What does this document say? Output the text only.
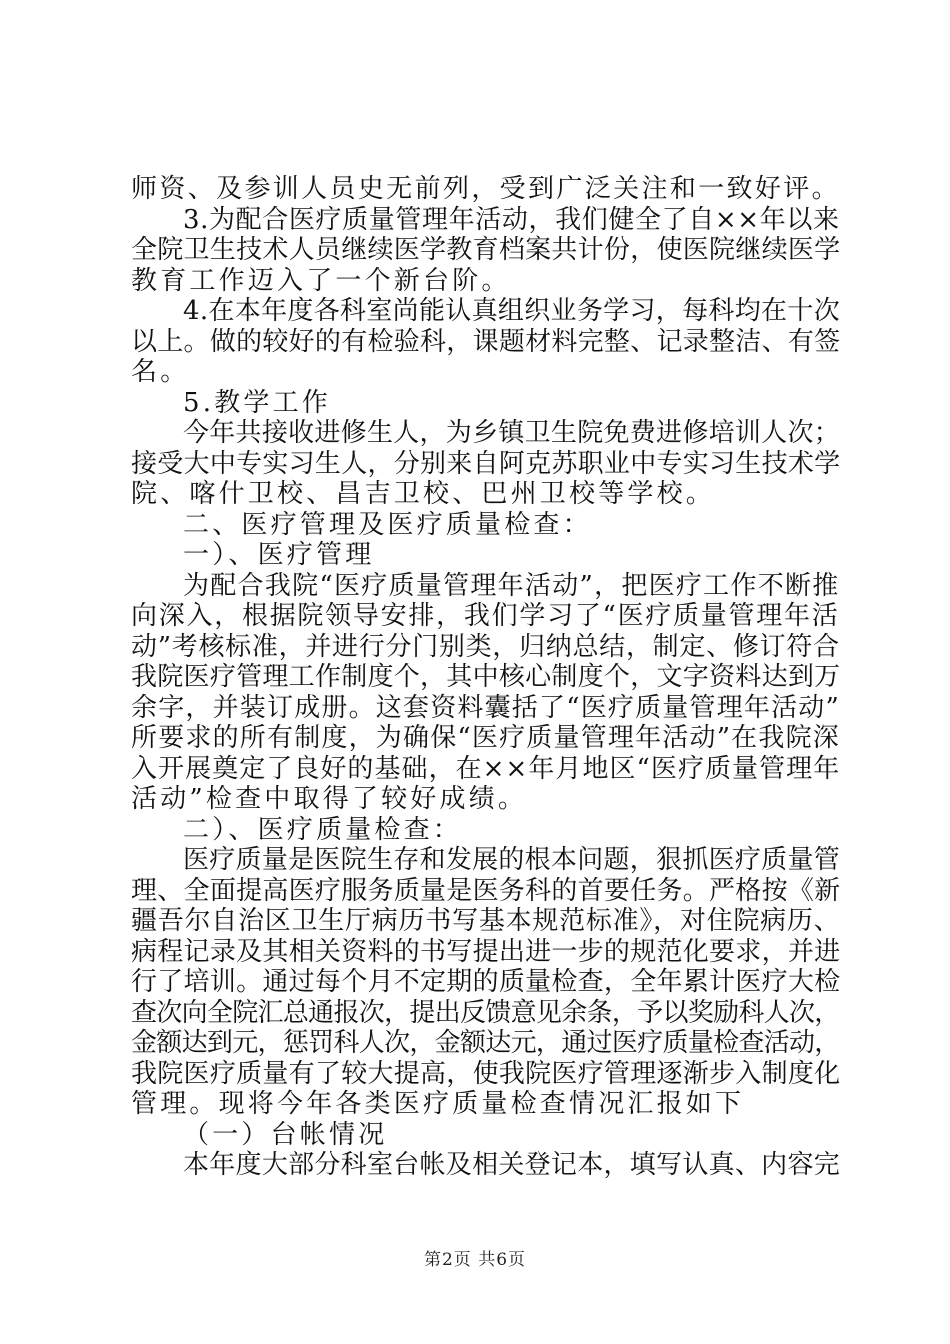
师资、及参训人员史无前列，受到广泛关注和一致好评。
3.为配合医疗质量管理年活动，我们健全了自××年以来
全院卫生技术人员继续医学教育档案共计份，使医院继续医学
教育工作迈入了一个新台阶。
4.在本年度各科室尚能认真组织业务学习，每科均在十次
以上。做的较好的有检验科，课题材料完整、记录整洁、有签
名。
5.教学工作
今年共接收进修生人，为乡镇卫生院免费进修培训人次；
接受大中专实习生人，分别来自阿克苏职业中专实习生技术学
院、喀什卫校、昌吉卫校、巴州卫校等学校。
二、医疗管理及医疗质量检查：
一）、医疗管理
为配合我院“医疗质量管理年活动”，把医疗工作不断推
向深入，根据院领导安排，我们学习了“医疗质量管理年活
动”考核标准，并进行分门别类，归纳总结，制定、修订符合
我院医疗管理工作制度个，其中核心制度个，文字资料达到万
余字，并装订成册。这套资料囊括了“医疗质量管理年活动”
所要求的所有制度，为确保“医疗质量管理年活动”在我院深
入开展奠定了良好的基础，在××年月地区“医疗质量管理年
活动”检查中取得了较好成绩。
二）、医疗质量检查：
医疗质量是医院生存和发展的根本问题，狠抓医疗质量管
理、全面提高医疗服务质量是医务科的首要任务。严格按《新
疆吾尔自治区卫生厅病历书写基本规范标准》，对住院病历、
病程记录及其相关资料的书写提出进一步的规范化要求，并进
行了培训。通过每个月不定期的质量检查，全年累计医疗大检
查次向全院汇总通报次，提出反馈意见余条，予以奖励科人次，
金额达到元，惩罚科人次，金额达元，通过医疗质量检查活动，
我院医疗质量有了较大提高，使我院医疗管理逐渐步入制度化
管理。现将今年各类医疗质量检查情况汇报如下
（一）台帐情况
本年度大部分科室台帐及相关登记本，填写认真、内容完
第2页 共6页
